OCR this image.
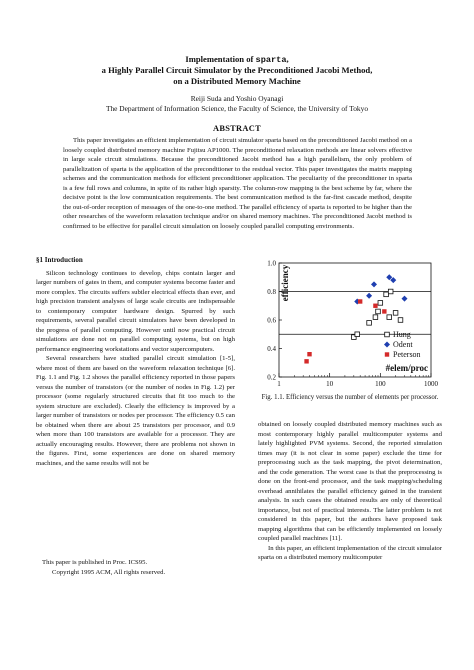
Implementation of sparta,
a Highly Parallel Circuit Simulator by the Preconditioned Jacobi Method,
on a Distributed Memory Machine
Reiji Suda and Yoshio Oyanagi
The Department of Information Science, the Faculty of Science, the University of Tokyo
ABSTRACT

This paper investigates an efficient implementation of circuit simulator sparta based on the preconditioned Jacobi method on a loosely coupled distributed memory machine Fujitsu AP1000. The preconditioned relaxation methods are linear solvers effective in large scale circuit simulations. Because the preconditioned Jacobi method has a high parallelism, the only problem of parallelization of sparta is the application of the preconditioner to the residual vector. This paper investigates the matrix mapping schemes and the communication methods for efficient preconditioner application. The peculiarity of the preconditioner in sparta is a few full rows and columns, in spite of its rather high sparsity. The column-row mapping is the best scheme by far, where the decisive point is the low communication requirements. The best communication method is the far-first cascade method, despite the out-of-order reception of messages of the one-to-one method. The parallel efficiency of sparta is reported to be higher than the other researches of the waveform relaxation technique and/or on shared memory machines. The preconditioned Jacobi method is confirmed to be effective for parallel circuit simulation on loosely coupled parallel computing environments.

§1 Introduction

Silicon technology continues to develop, chips contain larger and larger numbers of gates in them, and computer systems become faster and more complex. The circuits suffers subtler electrical effects than ever, and high precision transient analyses of large scale circuits are indispensable to contemporary computer hardware design. Spurred by such requirements, several parallel circuit simulators have been developed in the progress of parallel computing. However until now practical circuit simulations are done not on parallel computing systems, but on high performance engineering workstations and vector supercomputers.

Several researchers have studied parallel circuit simulation [1-5], where most of them are based on the waveform relaxation technique [6]. Fig. 1.1 and Fig. 1.2 shows the parallel efficiency reported in those papers versus the number of transistors (or the number of nodes in Fig. 1.2) per processor (some regularly structured circuits that fit too much to the system structure are excluded). Clearly the efficiency is improved by a larger number of transistors or nodes per processor. The efficiency 0.5 can be obtained when there are about 25 transistors per processor, and 0.9 when more than 100 transistors are available for a processor. They are actually encouraging results. However, there are problems not shown in the figures. First, some experiences are done on shared memory machines, and the same results will not be

This paper is published in Proc. ICS95.
Copyright 1995 ACM, All rights reserved.
0.2
0.4
0.6
0.8
1.0
1	10	100	1000
efficiency
#elem/proc
Hung
Odent
Peterson
Fig. 1.1. Efficiency versus the number of elements per processor.

obtained on loosely coupled distributed memory machines such as most contemporary highly parallel multicomputer systems and lately highlighted PVM systems. Second, the reported simulation times may (it is not clear in some paper) exclude the time for preprocessing such as the task mapping, the pivot determination, and the code generation. The worst case is that the preprocessing is done on the front-end processor, and the task mapping/scheduling overhead annihilates the parallel efficiency gained in the transient analysis. In such cases the obtained results are only of theoretical importance, but not of practical interests. The latter problem is not considered in this paper, but the authors have proposed task mapping algorithms that can be efficiently implemented on loosely coupled parallel machines [11].

In this paper, an efficient implementation of the circuit simulator sparta on a distributed memory multicomputer
